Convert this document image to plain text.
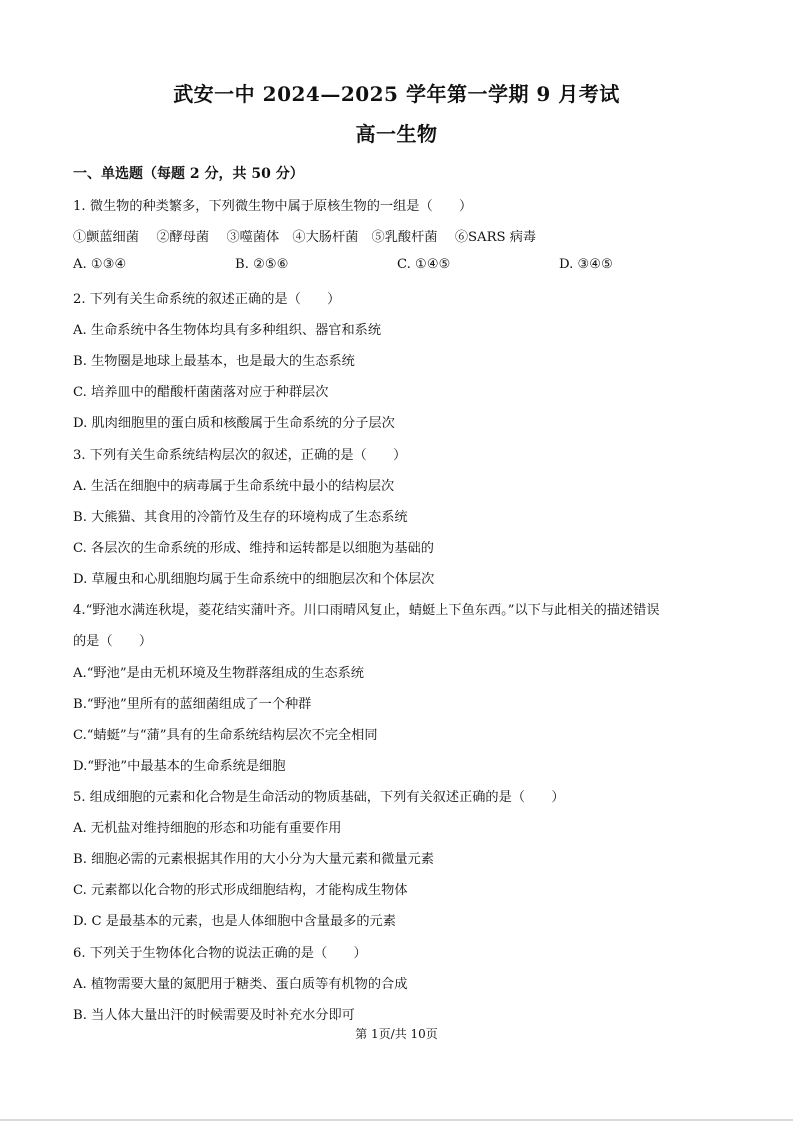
武安一中 2024—2025 学年第一学期 9 月考试
高一生物
一、单选题（每题 2 分，共 50 分）
1. 微生物的种类繁多，下列微生物中属于原核生物的一组是（　　）
①颤蓝细菌　 ②酵母菌　 ③噬菌体　④大肠杆菌　⑤乳酸杆菌　 ⑥SARS 病毒
A. ①③④	B. ②⑤⑥	C. ①④⑤	D. ③④⑤
2. 下列有关生命系统的叙述正确的是（　　）
A. 生命系统中各生物体均具有多种组织、器官和系统
B. 生物圈是地球上最基本，也是最大的生态系统
C. 培养皿中的醋酸杆菌菌落对应于种群层次
D. 肌肉细胞里的蛋白质和核酸属于生命系统的分子层次
3. 下列有关生命系统结构层次的叙述，正确的是（　　）
A. 生活在细胞中的病毒属于生命系统中最小的结构层次
B. 大熊猫、其食用的冷箭竹及生存的环境构成了生态系统
C. 各层次的生命系统的形成、维持和运转都是以细胞为基础的
D. 草履虫和心肌细胞均属于生命系统中的细胞层次和个体层次
4.“野池水满连秋堤，菱花结实蒲叶齐。川口雨晴风复止，蜻蜓上下鱼东西。”以下与此相关的描述错误
的是（　　）
A.“野池”是由无机环境及生物群落组成的生态系统
B.“野池”里所有的蓝细菌组成了一个种群
C.“蜻蜓”与“蒲”具有的生命系统结构层次不完全相同
D.“野池”中最基本的生命系统是细胞
5. 组成细胞的元素和化合物是生命活动的物质基础，下列有关叙述正确的是（　　）
A. 无机盐对维持细胞的形态和功能有重要作用
B. 细胞必需的元素根据其作用的大小分为大量元素和微量元素
C. 元素都以化合物的形式形成细胞结构，才能构成生物体
D. C 是最基本的元素，也是人体细胞中含量最多的元素
6. 下列关于生物体化合物的说法正确的是（　　）
A. 植物需要大量的氮肥用于糖类、蛋白质等有机物的合成
B. 当人体大量出汗的时候需要及时补充水分即可
第 1页/共 10页
